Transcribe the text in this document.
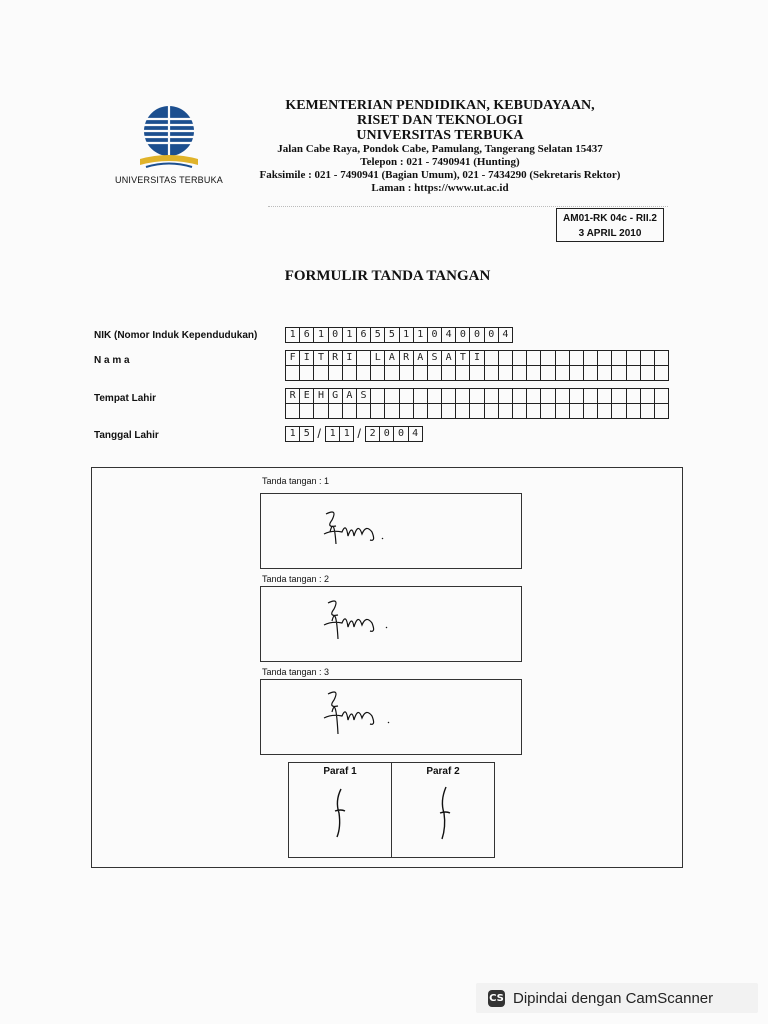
UNIVERSITAS TERBUKA
KEMENTERIAN PENDIDIKAN, KEBUDAYAAN,
RISET DAN TEKNOLOGI
UNIVERSITAS TERBUKA
Jalan Cabe Raya, Pondok Cabe, Pamulang, Tangerang Selatan 15437
Telepon : 021 - 7490941 (Hunting)
Faksimile : 021 - 7490941 (Bagian Umum), 021 - 7434290 (Sekretaris Rektor)
Laman : https://www.ut.ac.id
AM01-RK 04c - RII.2
3 APRIL 2010
FORMULIR TANDA TANGAN
NIK (Nomor Induk Kependudukan)	1 6 1 0 1 6 5 5 1 1 0 4 0 0 0 4
N a m a	F I T R I	L A R A S A T I
Tempat Lahir	R E H G A S
Tanggal Lahir	1 5 / 1 1 / 2 0 0 4
Tanda tangan : 1
Tanda tangan : 2
Tanda tangan : 3
Paraf 1	Paraf 2
CS Dipindai dengan CamScanner
